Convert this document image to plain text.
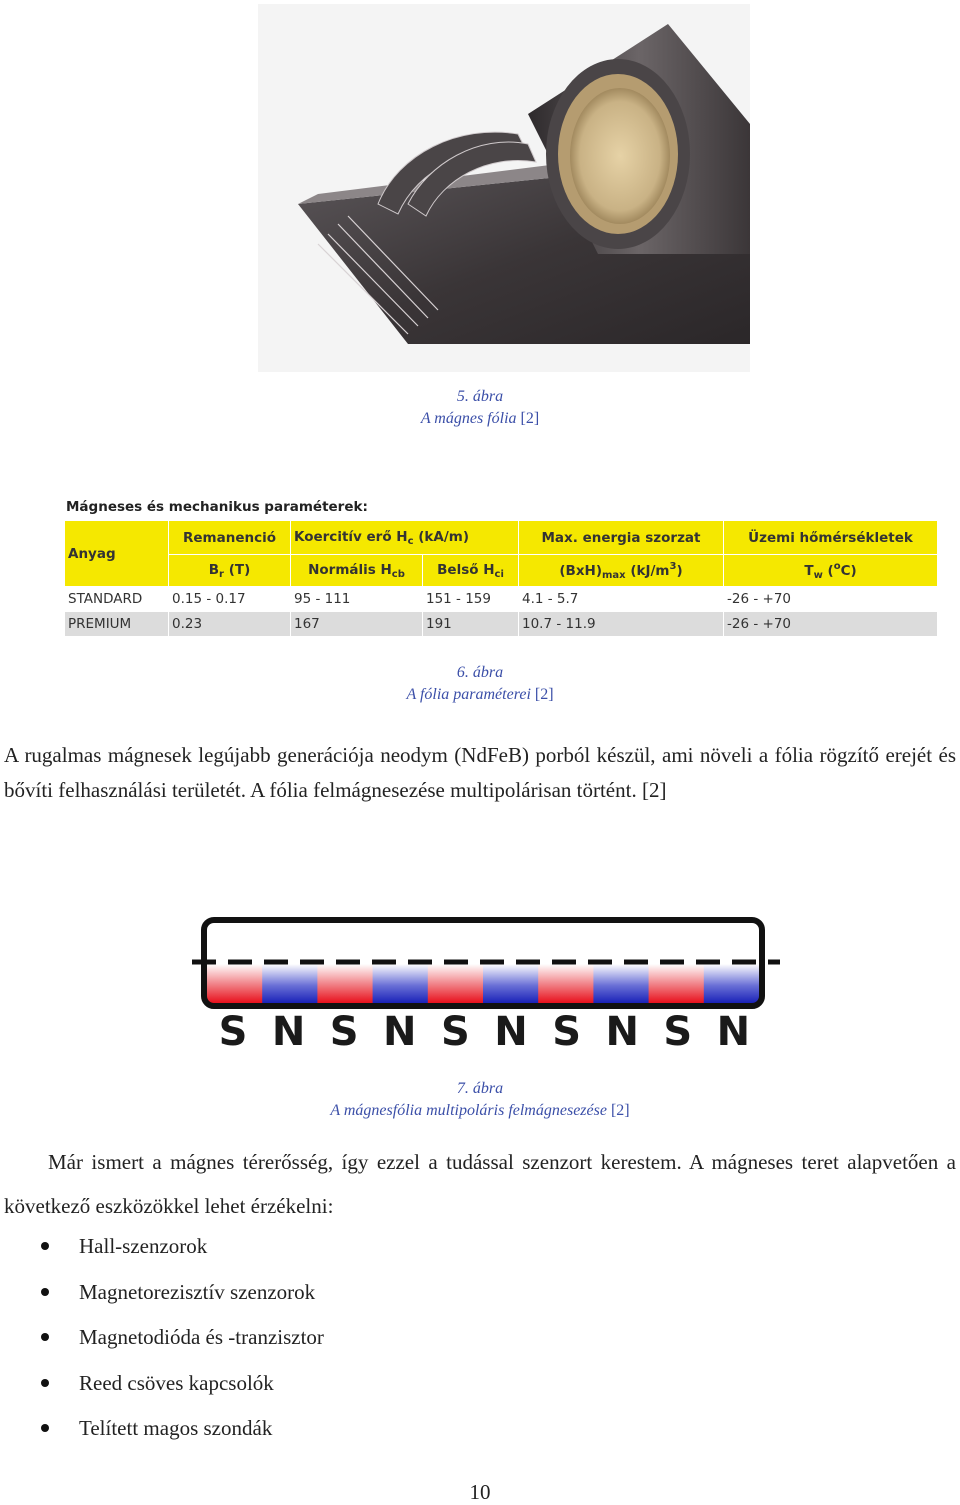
5. ábra
A mágnes fólia [2]
Mágneses és mechanikus paraméterek:
Anyag	Remanenció	Koercitív erő $H_c$ (kA/m)		Max. energia szorzat	Üzemi hőmérsékletek
	$B_r$ (T)	Normális $H_{cb}$	Belső $H_{ci}$	$(BxH)_{max}$ $(kJ/m^3)$	$T_w$ ($^o$C)
STANDARD	0.15 - 0.17	95 - 111	151 - 159	4.1 - 5.7	-26 - +70
PREMIUM	0.23	167	191	10.7 - 11.9	-26 - +70
6. ábra
A fólia paraméterei [2]

A rugalmas mágnesek legújabb generációja neodym (NdFeB) porból készül, ami növeli a fólia rögzítő erejét és bővíti felhasználási területét. A fólia felmágnesezése multipolárisan történt. [2]

S N S N S N S N S N
7. ábra
A mágnesfólia multipoláris felmágnesezése [2]

Már ismert a mágnes térerősség, így ezzel a tudással szenzort kerestem. A mágneses teret alapvetően a következő eszközökkel lehet érzékelni:

Hall-szenzorok
Magnetorezisztív szenzorok
Magnetodióda és -tranzisztor
Reed csöves kapcsolók
Telített magos szondák
10
